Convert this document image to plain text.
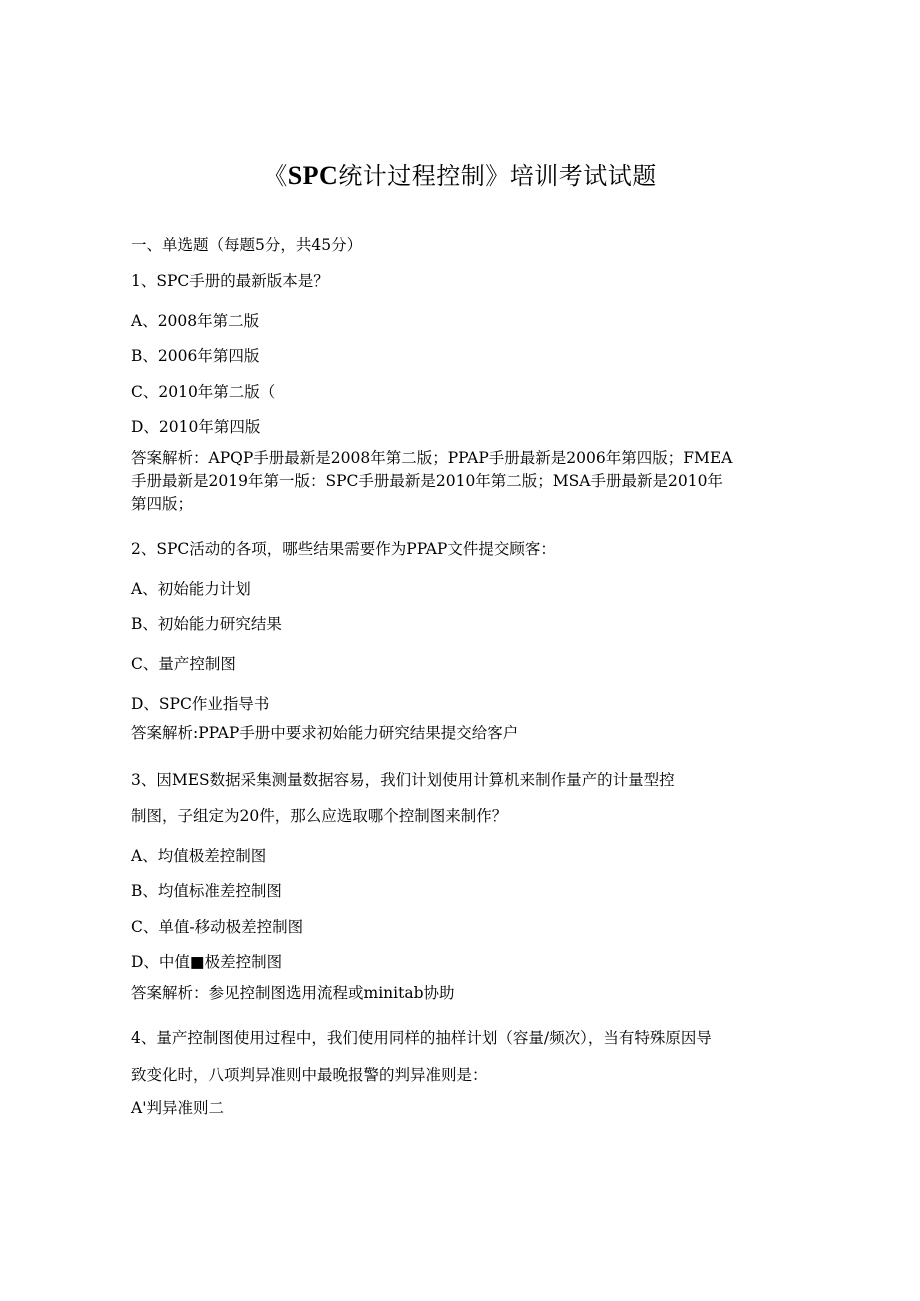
《SPC统计过程控制》培训考试试题
一、单选题（每题5分，共45分）
1、SPC手册的最新版本是？
A、2008年第二版
B、2006年第四版
C、2010年第二版（
D、2010年第四版
答案解析：APQP手册最新是2008年第二版；PPAP手册最新是2006年第四版；FMEA
手册最新是2019年第一版：SPC手册最新是2010年第二版；MSA手册最新是2010年
第四版；
2、SPC活动的各项，哪些结果需要作为PPAP文件提交顾客：
A、初始能力计划
B、初始能力研究结果
C、量产控制图
D、SPC作业指导书
答案解析:PPAP手册中要求初始能力研究结果提交给客户
3、因MES数据采集测量数据容易，我们计划使用计算机来制作量产的计量型控
制图，子组定为20件，那么应选取哪个控制图来制作？
A、均值极差控制图
B、均值标准差控制图
C、单值-移动极差控制图
D、中值■极差控制图
答案解析：参见控制图选用流程或minitab协助
4、量产控制图使用过程中，我们使用同样的抽样计划（容量/频次），当有特殊原因导
致变化时，八项判异准则中最晚报警的判异准则是：
A'判异准则二
